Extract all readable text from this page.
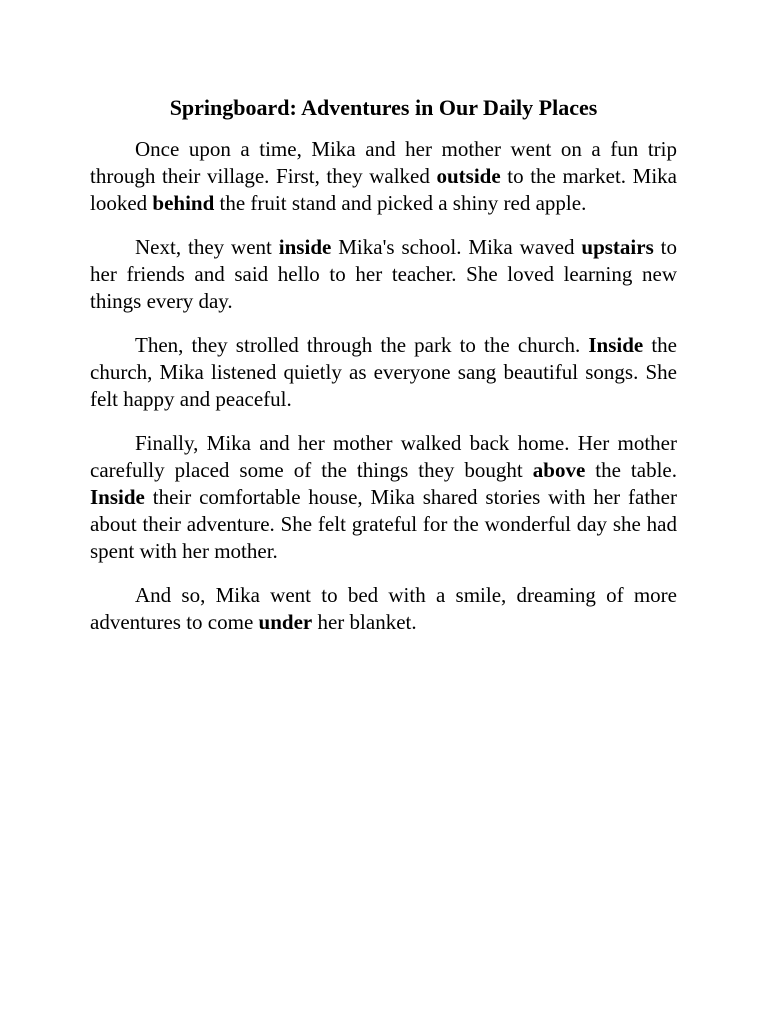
Springboard: Adventures in Our Daily Places

Once upon a time, Mika and her mother went on a fun trip through their village. First, they walked outside to the market. Mika looked behind the fruit stand and picked a shiny red apple.

Next, they went inside Mika's school. Mika waved upstairs to her friends and said hello to her teacher. She loved learning new things every day.

Then, they strolled through the park to the church. Inside the church, Mika listened quietly as everyone sang beautiful songs. She felt happy and peaceful.

Finally, Mika and her mother walked back home. Her mother carefully placed some of the things they bought above the table. Inside their comfortable house, Mika shared stories with her father about their adventure. She felt grateful for the wonderful day she had spent with her mother.

And so, Mika went to bed with a smile, dreaming of more adventures to come under her blanket.
